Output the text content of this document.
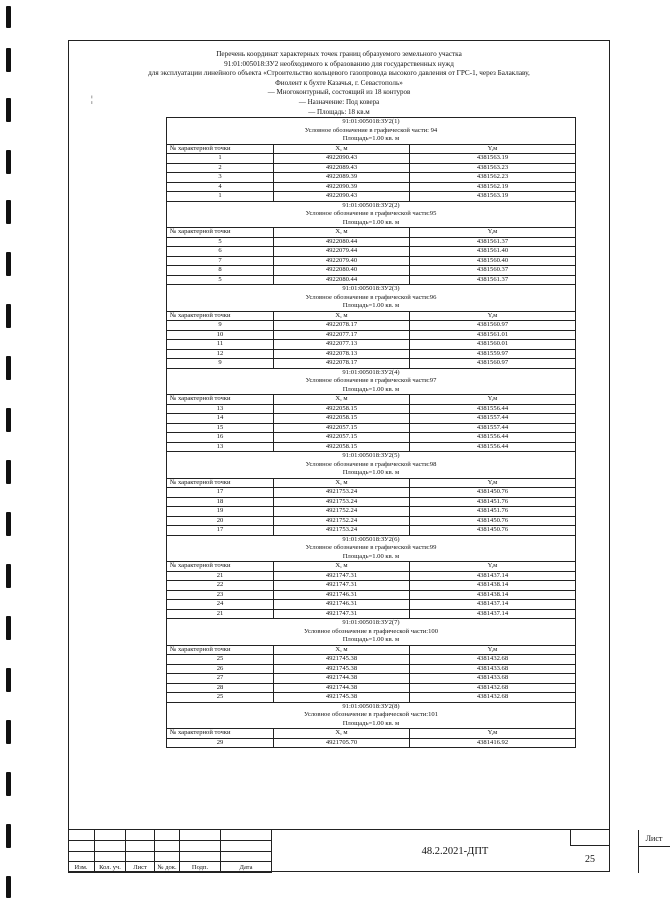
Перечень координат характерных точек границ образуемого земельного участка
91:01:005018:ЗУ2 необходимого к образованию для государственных нужд
для эксплуатации линейного объекта «Строительство кольцевого газопровода высокого давления от ГРС-1, через Балаклаву,
Фиолент к бухте Казачья, г. Севастополь»
— Многоконтурный, состоящий из 18 контуров
— Назначение: Под ковера
— Площадь: 18 кв.м
¦
91:01:005018:ЗУ2(1)		
Условное обозначение в графической части: 94		
Площадь=1.00 кв. м		
№ характерной точки	X, м	Y,м
1	4922090.43	4381563.19
2	4922089.43	4381563.23
3	4922089.39	4381562.23
4	4922090.39	4381562.19
1	4922090.43	4381563.19
91:01:005018:ЗУ2(2)		
Условное обозначение в графической части:95		
Площадь=1.00 кв. м		
№ характерной точки	X, м	Y,м
5	4922080.44	4381561.37
6	4922079.44	4381561.40
7	4922079.40	4381560.40
8	4922080.40	4381560.37
5	4922080.44	4381561.37
91:01:005018:ЗУ2(3)		
Условное обозначение в графической части:96		
Площадь=1.00 кв. м		
№ характерной точки	X, м	Y,м
9	4922078.17	4381560.97
10	4922077.17	4381561.01
11	4922077.13	4381560.01
12	4922078.13	4381559.97
9	4922078.17	4381560.97
91:01:005018:ЗУ2(4)		
Условное обозначение в графической части:97		
Площадь=1.00 кв. м		
№ характерной точки	X, м	Y,м
13	4922058.15	4381556.44
14	4922058.15	4381557.44
15	4922057.15	4381557.44
16	4922057.15	4381556.44
13	4922058.15	4381556.44
91:01:005018:ЗУ2(5)		
Условное обозначение в графической части:98		
Площадь=1.00 кв. м		
№ характерной точки	X, м	Y,м
17	4921753.24	4381450.76
18	4921753.24	4381451.76
19	4921752.24	4381451.76
20	4921752.24	4381450.76
17	4921753.24	4381450.76
91:01:005018:ЗУ2(6)		
Условное обозначение в графической части:99		
Площадь=1.00 кв. м		
№ характерной точки	X, м	Y,м
21	4921747.31	4381437.14
22	4921747.31	4381438.14
23	4921746.31	4381438.14
24	4921746.31	4381437.14
21	4921747.31	4381437.14
91:01:005018:ЗУ2(7)		
Условное обозначение в графической части:100		
Площадь=1.00 кв. м		
№ характерной точки	X, м	Y,м
25	4921745.38	4381432.68
26	4921745.38	4381433.68
27	4921744.38	4381433.68
28	4921744.38	4381432.68
25	4921745.38	4381432.68
91:01:005018:ЗУ2(8)		
Условное обозначение в графической части:101		
Площадь=1.00 кв. м		
№ характерной точки	X, м	Y,м
29	4921705.70	4381416.92
Изм.	Кол. уч.	Лист	№ док.	Подп.	Дата
48.2.2021-ДПТ
Лист
25
